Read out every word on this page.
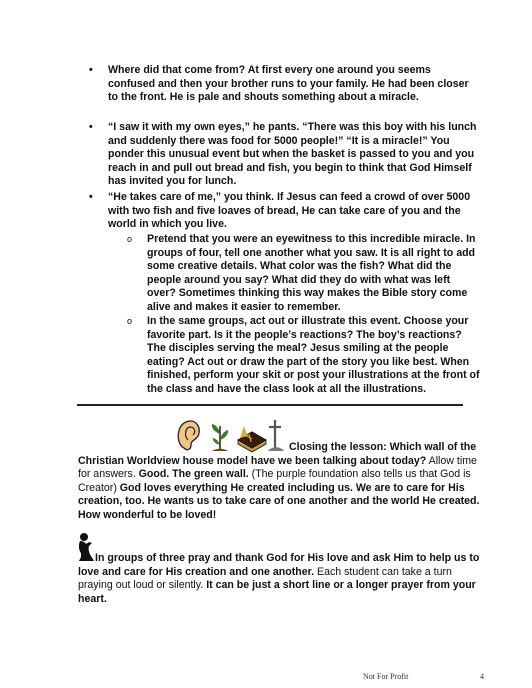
• Where did that come from? At first every one around you seems confused and then your brother runs to your family. He had been closer to the front. He is pale and shouts something about a miracle.
• “I saw it with my own eyes,” he pants. “There was this boy with his lunch and suddenly there was food for 5000 people!” “It is a miracle!” You ponder this unusual event but when the basket is passed to you and you reach in and pull out bread and fish, you begin to think that God Himself has invited you for lunch.
• “He takes care of me,” you think. If Jesus can feed a crowd of over 5000 with two fish and five loaves of bread, He can take care of you and the world in which you live.
o Pretend that you were an eyewitness to this incredible miracle. In groups of four, tell one another what you saw. It is all right to add some creative details. What color was the fish? What did the people around you say? What did they do with what was left over? Sometimes thinking this way makes the Bible story come alive and makes it easier to remember.
o In the same groups, act out or illustrate this event. Choose your favorite part. Is it the people’s reactions? The boy’s reactions? The disciples serving the meal? Jesus smiling at the people eating? Act out or draw the part of the story you like best. When finished, perform your skit or post your illustrations at the front of the class and have the class look at all the illustrations.
Closing the lesson: Which wall of the Christian Worldview house model have we been talking about today? Allow time for answers. Good. The green wall. (The purple foundation also tells us that God is Creator) God loves everything He created including us. We are to care for His creation, too. He wants us to take care of one another and the world He created. How wonderful to be loved!
In groups of three pray and thank God for His love and ask Him to help us to love and care for His creation and one another. Each student can take a turn praying out loud or silently. It can be just a short line or a longer prayer from your heart.
Not For Profit	4
